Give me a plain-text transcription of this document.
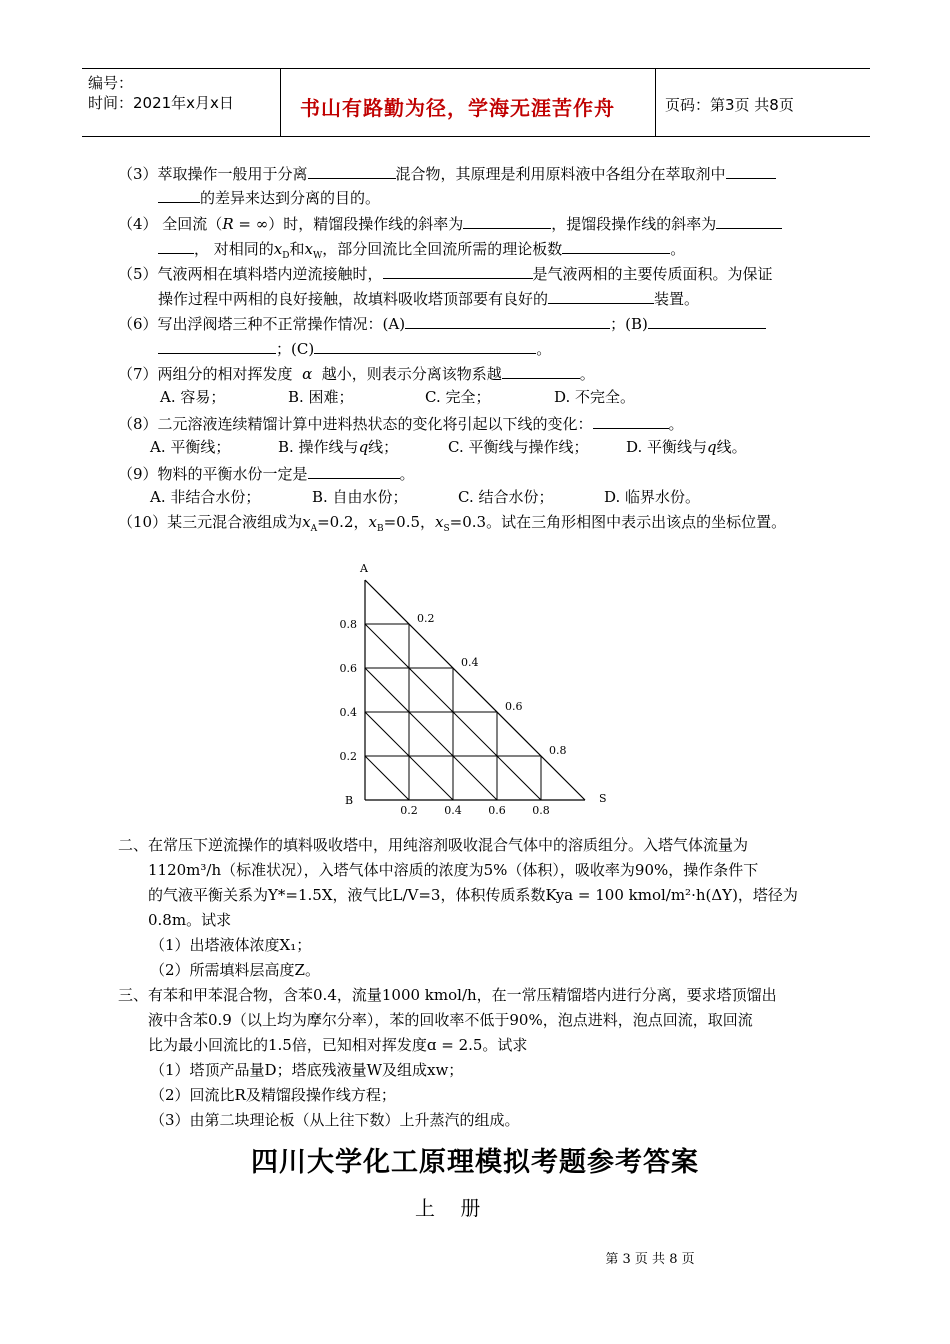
编号：
时间：2021年x月x日	书山有路勤为径，学海无涯苦作舟	页码：第3页 共8页
（3）萃取操作一般用于分离	混合物，其原理是利用原料液中各组分在萃取剂中
的差异来达到分离的目的。
（4） 全回流（R = ∞）时，精馏段操作线的斜率为	，提馏段操作线的斜率为
， 对相同的$x_D$和$x_W$，部分回流比全回流所需的理论板数	。
（5）气液两相在填料塔内逆流接触时，	是气液两相的主要传质面积。为保证
操作过程中两相的良好接触，故填料吸收塔顶部要有良好的	装置。
（6）写出浮阀塔三种不正常操作情况：(A)	；(B)
；(C)	。
（7）两组分的相对挥发度 ɑ 越小，则表示分离该物系越	。
A. 容易；	B. 困难；	C. 完全；	D. 不完全。
（8）二元溶液连续精馏计算中进料热状态的变化将引起以下线的变化：	。
A. 平衡线；	B. 操作线与q线；	C. 平衡线与操作线；	D. 平衡线与q线。
（9）物料的平衡水份一定是	。
A. 非结合水份；	B. 自由水份；	C. 结合水份；	D. 临界水份。
（10）某三元混合液组成为$x_A=0.2$，$x_B=0.5$，$x_S=0.3$。试在三角形相图中表示出该点的坐标位置。
A
B	S
0.8
0.6
0.4
0.2
0.2 0.4 0.6 0.8
0.2
0.4
0.6
0.8
二、在常压下逆流操作的填料吸收塔中，用纯溶剂吸收混合气体中的溶质组分。入塔气体流量为
1120m³/h（标准状况），入塔气体中溶质的浓度为5%（体积），吸收率为90%，操作条件下
的气液平衡关系为Y*=1.5X，液气比L/V=3，体积传质系数Kya = 100 kmol/m²·h(ΔY)，塔径为
0.8m。试求
（1）出塔液体浓度X₁；
（2）所需填料层高度Z。
三、有苯和甲苯混合物，含苯0.4，流量1000 kmol/h，在一常压精馏塔内进行分离，要求塔顶馏出
液中含苯0.9（以上均为摩尔分率），苯的回收率不低于90%，泡点进料，泡点回流，取回流
比为最小回流比的1.5倍，已知相对挥发度ɑ = 2.5。试求
（1）塔顶产品量D；塔底残液量W及组成xw；
（2）回流比R及精馏段操作线方程；
（3）由第二块理论板（从上往下数）上升蒸汽的组成。
四川大学化工原理模拟考题参考答案
上    册
第 3 页 共 8 页
